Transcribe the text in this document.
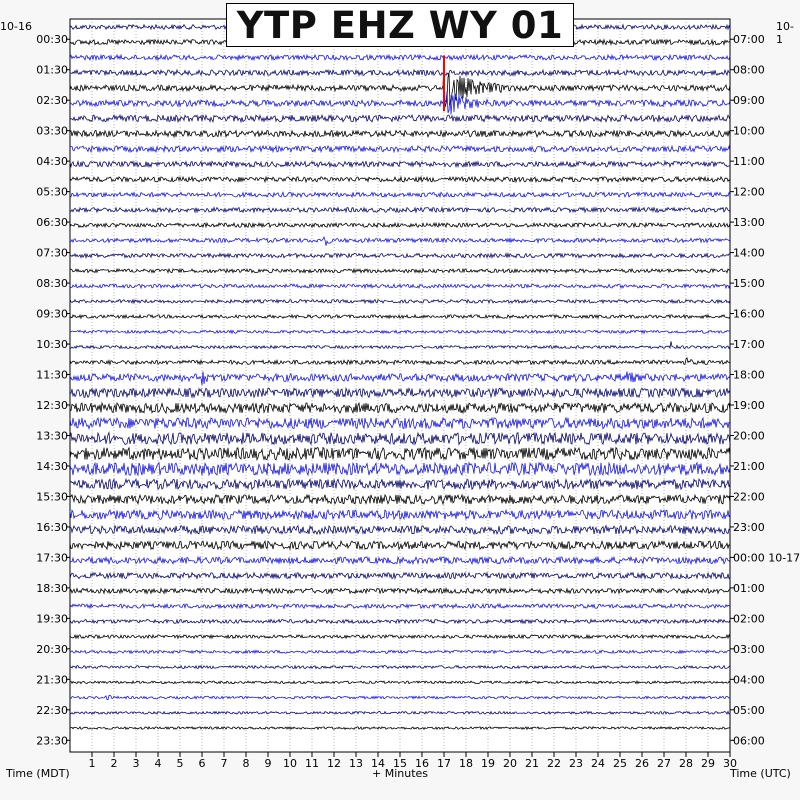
1 2 3 4 5 6 7 8 9 10 11 12 13 14 15 16 17 18 19 20 21 22 23 24 25 26 27 28 29 30
00:30
01:30
02:30
03:30
04:30
05:30
06:30
07:30
08:30
09:30
10:30
11:30
12:30
13:30
14:30
15:30
16:30
17:30
18:30
19:30
20:30
21:30
22:30
23:30
07:00
08:00
09:00
10:00
11:00
12:00
13:00
14:00
15:00
16:00
17:00
18:00
19:00
20:00
21:00
22:00
23:00
00:00 10-17
01:00
02:00
03:00
04:00
05:00
06:00
+ Minutes
Time (MDT)	Time (UTC)
YTP EHZ WY 01
10-16	10-1
